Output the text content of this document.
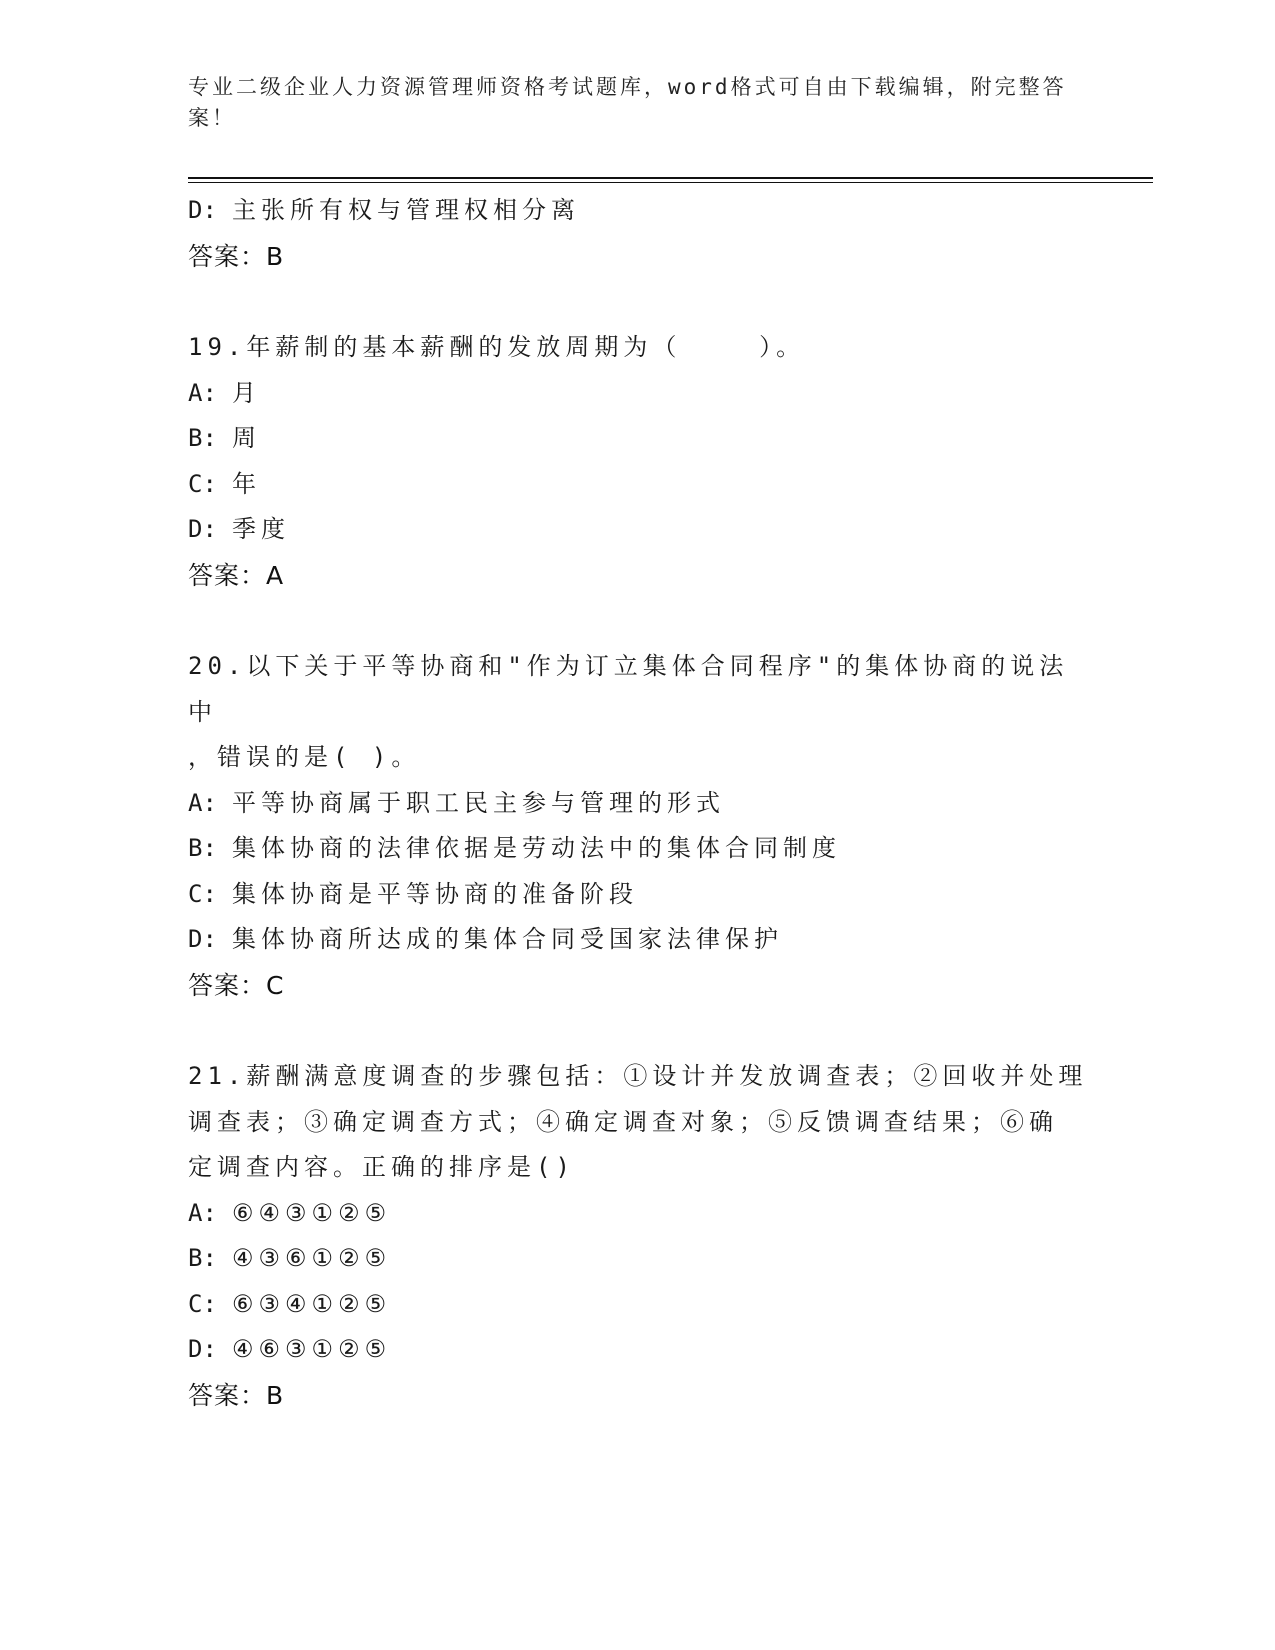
专业二级企业人力资源管理师资格考试题库，word格式可自由下载编辑，附完整答案！
D: 主张所有权与管理权相分离
答案：B
19.年薪制的基本薪酬的发放周期为（    ）。
A: 月
B: 周
C: 年
D: 季度
答案：A
20.以下关于平等协商和"作为订立集体合同程序"的集体协商的说法中
，错误的是( )。
A: 平等协商属于职工民主参与管理的形式
B: 集体协商的法律依据是劳动法中的集体合同制度
C: 集体协商是平等协商的准备阶段
D: 集体协商所达成的集体合同受国家法律保护
答案：C
21.薪酬满意度调查的步骤包括：①设计并发放调查表；②回收并处理
调查表；③确定调查方式；④确定调查对象；⑤反馈调查结果；⑥确
定调查内容。正确的排序是()
A: ⑥④③①②⑤
B: ④③⑥①②⑤
C: ⑥③④①②⑤
D: ④⑥③①②⑤
答案：B
